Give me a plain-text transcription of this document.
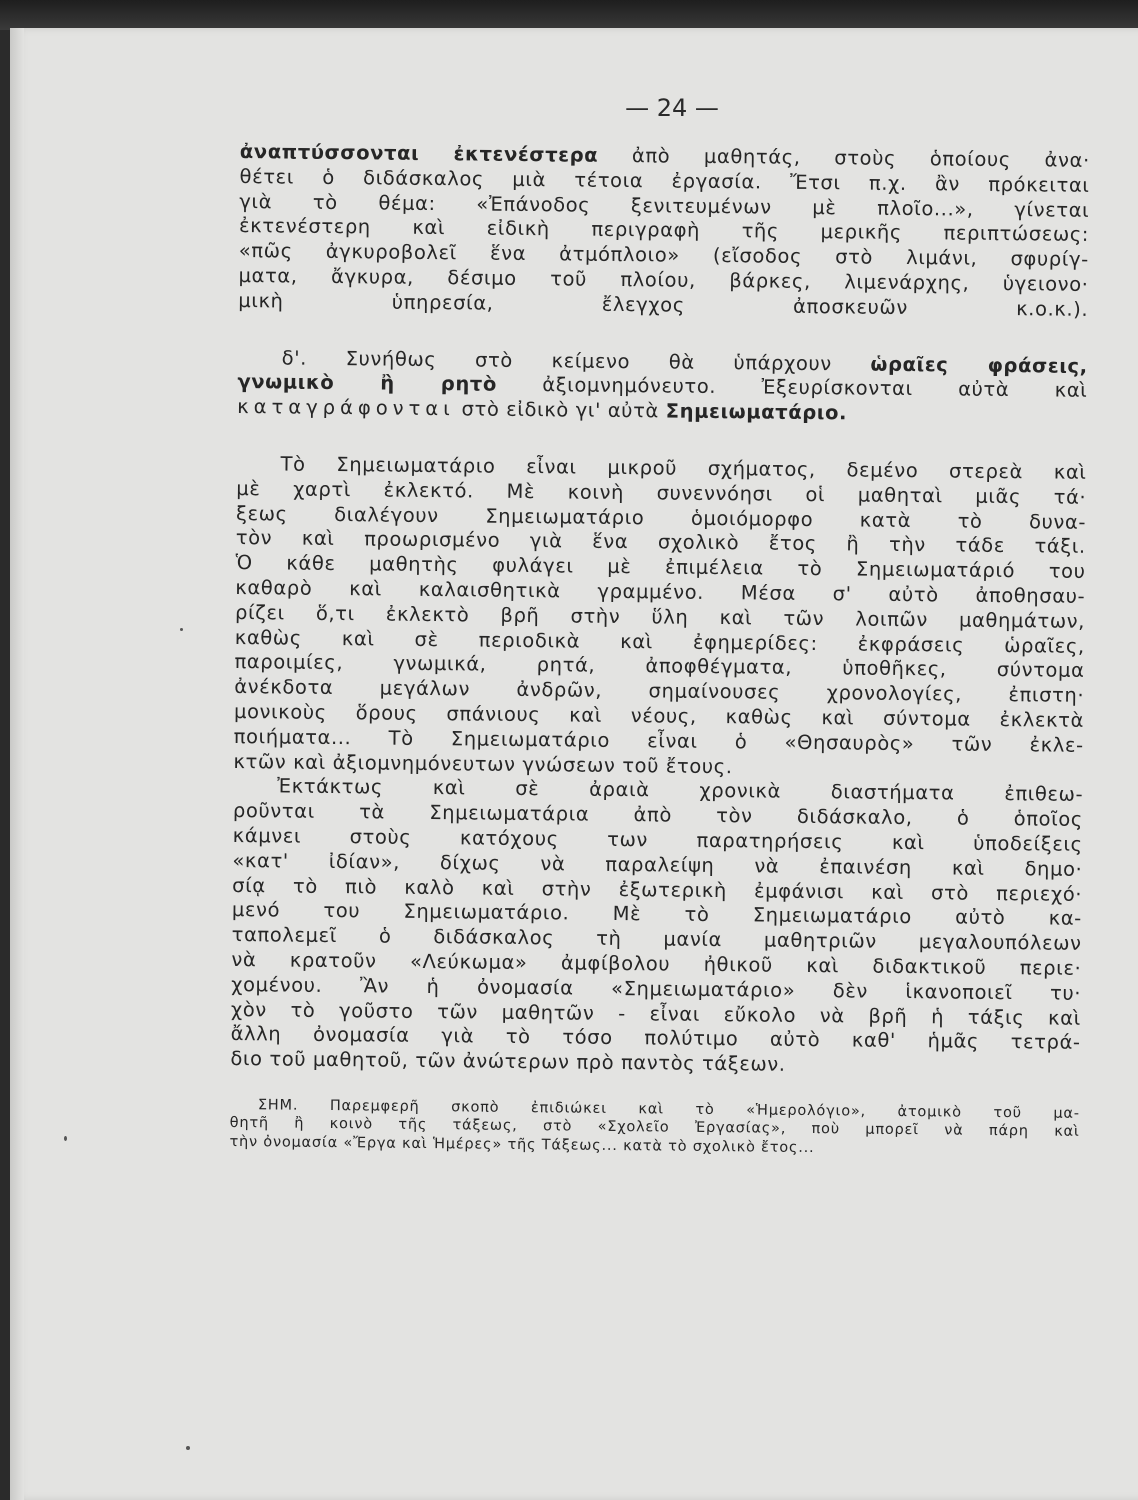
— 24 —

ἀναπτύσσονται ἐκτενέστερα ἀπὸ μαθητάς, στοὺς ὁποίους ἀνα·

θέτει ὁ διδάσκαλος μιὰ τέτοια ἐργασία. Ἔτσι π.χ. ἂν πρόκειται

γιὰ τὸ θέμα: «Ἐπάνοδος ξενιτευμένων μὲ πλοῖο...», γίνεται

ἐκτενέστερη καὶ εἰδικὴ περιγραφὴ τῆς μερικῆς περιπτώσεως:

«πῶς ἀγκυροβολεῖ ἕνα ἀτμόπλοιο» (εἴσοδος στὸ λιμάνι, σφυρίγ-

ματα, ἄγκυρα, δέσιμο τοῦ πλοίου, βάρκες, λιμενάρχης, ὑγειονο·

μικὴ ὑπηρεσία, ἔλεγχος ἀποσκευῶν κ.ο.κ.).

δ'. Συνήθως στὸ κείμενο θὰ ὑπάρχουν ὡραῖες φράσεις,

γνωμικὸ ἢ ρητὸ ἀξιομνημόνευτο. Ἐξευρίσκονται αὐτὰ καὶ

καταγράφονται στὸ εἰδικὸ γι' αὐτὰ Σημειωματάριο.

Τὸ Σημειωματάριο εἶναι μικροῦ σχήματος, δεμένο στερεὰ καὶ

μὲ χαρτὶ ἐκλεκτό. Μὲ κοινὴ συνεννόησι οἱ μαθηταὶ μιᾶς τά·

ξεως διαλέγουν Σημειωματάριο ὁμοιόμορφο κατὰ τὸ δυνα-

τὸν καὶ προωρισμένο γιὰ ἕνα σχολικὸ ἔτος ἢ τὴν τάδε τάξι.

Ὁ κάθε μαθητὴς φυλάγει μὲ ἐπιμέλεια τὸ Σημειωματάριό του

καθαρὸ καὶ καλαισθητικὰ γραμμένο. Μέσα σ' αὐτὸ ἀποθησαυ-

ρίζει ὅ,τι ἐκλεκτὸ βρῆ στὴν ὕλη καὶ τῶν λοιπῶν μαθημάτων,

καθὼς καὶ σὲ περιοδικὰ καὶ ἐφημερίδες: ἐκφράσεις ὡραῖες,

παροιμίες, γνωμικά, ρητά, ἀποφθέγματα, ὑποθῆκες, σύντομα

ἀνέκδοτα μεγάλων ἀνδρῶν, σημαίνουσες χρονολογίες, ἐπιστη·

μονικοὺς ὅρους σπάνιους καὶ νέους, καθὼς καὶ σύντομα ἐκλεκτὰ

ποιήματα... Τὸ Σημειωματάριο εἶναι ὁ «Θησαυρὸς» τῶν ἐκλε-

κτῶν καὶ ἀξιομνημόνευτων γνώσεων τοῦ ἔτους.

Ἐκτάκτως καὶ σὲ ἀραιὰ χρονικὰ διαστήματα ἐπιθεω-

ροῦνται τὰ Σημειωματάρια ἀπὸ τὸν διδάσκαλο, ὁ ὁποῖος

κάμνει στοὺς κατόχους των παρατηρήσεις καὶ ὑποδείξεις

«κατ' ἰδίαν», δίχως νὰ παραλείψη νὰ ἐπαινέση καὶ δημο·

σίᾳ τὸ πιὸ καλὸ καὶ στὴν ἐξωτερικὴ ἐμφάνισι καὶ στὸ περιεχό·

μενό του Σημειωματάριο. Μὲ τὸ Σημειωματάριο αὐτὸ κα-

ταπολεμεῖ ὁ διδάσκαλος τὴ μανία μαθητριῶν μεγαλουπόλεων

νὰ κρατοῦν «Λεύκωμα» ἀμφίβολου ἠθικοῦ καὶ διδακτικοῦ περιε·

χομένου. Ἂν ἡ ὀνομασία «Σημειωματάριο» δὲν ἱκανοποιεῖ τυ·

χὸν τὸ γοῦστο τῶν μαθητῶν - εἶναι εὔκολο νὰ βρῆ ἡ τάξις καὶ

ἄλλη ὀνομασία γιὰ τὸ τόσο πολύτιμο αὐτὸ καθ' ἡμᾶς τετρά-

διο τοῦ μαθητοῦ, τῶν ἀνώτερων πρὸ παντὸς τάξεων.

ΣΗΜ. Παρεμφερῆ σκοπὸ ἐπιδιώκει καὶ τὸ «Ἡμερολόγιο», ἀτομικὸ τοῦ μα-

θητῆ ἢ κοινὸ τῆς τάξεως, στὸ «Σχολεῖο Ἐργασίας», ποὺ μπορεῖ νὰ πάρη καὶ

τὴν ὀνομασία «Ἔργα καὶ Ἡμέρες» τῆς Τάξεως... κατὰ τὸ σχολικὸ ἔτος...
